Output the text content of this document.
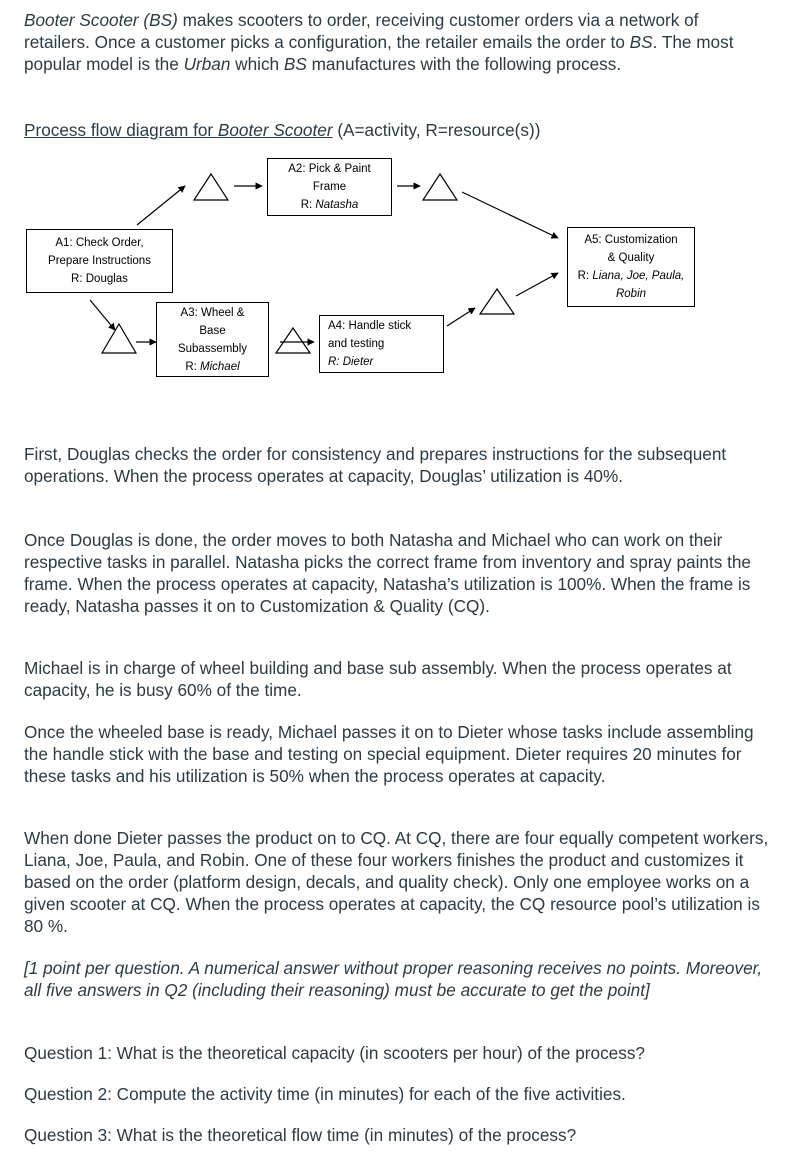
Booter Scooter (BS) makes scooters to order, receiving customer orders via a network of retailers. Once a customer picks a configuration, the retailer emails the order to BS. The most popular model is the Urban which BS manufactures with the following process.

Process flow diagram for Booter Scooter (A=activity, R=resource(s))

A1: Check Order,
Prepare Instructions
R: Douglas
A2: Pick & Paint
Frame
R: Natasha
A3: Wheel &
Base
Subassembly
R: Michael
A4: Handle stick
and testing
R: Dieter
A5: Customization
& Quality
R: Liana, Joe, Paula,
Robin

First, Douglas checks the order for consistency and prepares instructions for the subsequent operations. When the process operates at capacity, Douglas’ utilization is 40%.

Once Douglas is done, the order moves to both Natasha and Michael who can work on their respective tasks in parallel. Natasha picks the correct frame from inventory and spray paints the frame. When the process operates at capacity, Natasha’s utilization is 100%. When the frame is ready, Natasha passes it on to Customization & Quality (CQ).

Michael is in charge of wheel building and base sub assembly. When the process operates at capacity, he is busy 60% of the time.

Once the wheeled base is ready, Michael passes it on to Dieter whose tasks include assembling the handle stick with the base and testing on special equipment. Dieter requires 20 minutes for these tasks and his utilization is 50% when the process operates at capacity.

When done Dieter passes the product on to CQ. At CQ, there are four equally competent workers, Liana, Joe, Paula, and Robin. One of these four workers finishes the product and customizes it based on the order (platform design, decals, and quality check). Only one employee works on a given scooter at CQ. When the process operates at capacity, the CQ resource pool’s utilization is 80 %.

[1 point per question. A numerical answer without proper reasoning receives no points. Moreover, all five answers in Q2 (including their reasoning) must be accurate to get the point]

Question 1: What is the theoretical capacity (in scooters per hour) of the process?

Question 2: Compute the activity time (in minutes) for each of the five activities.

Question 3: What is the theoretical flow time (in minutes) of the process?
